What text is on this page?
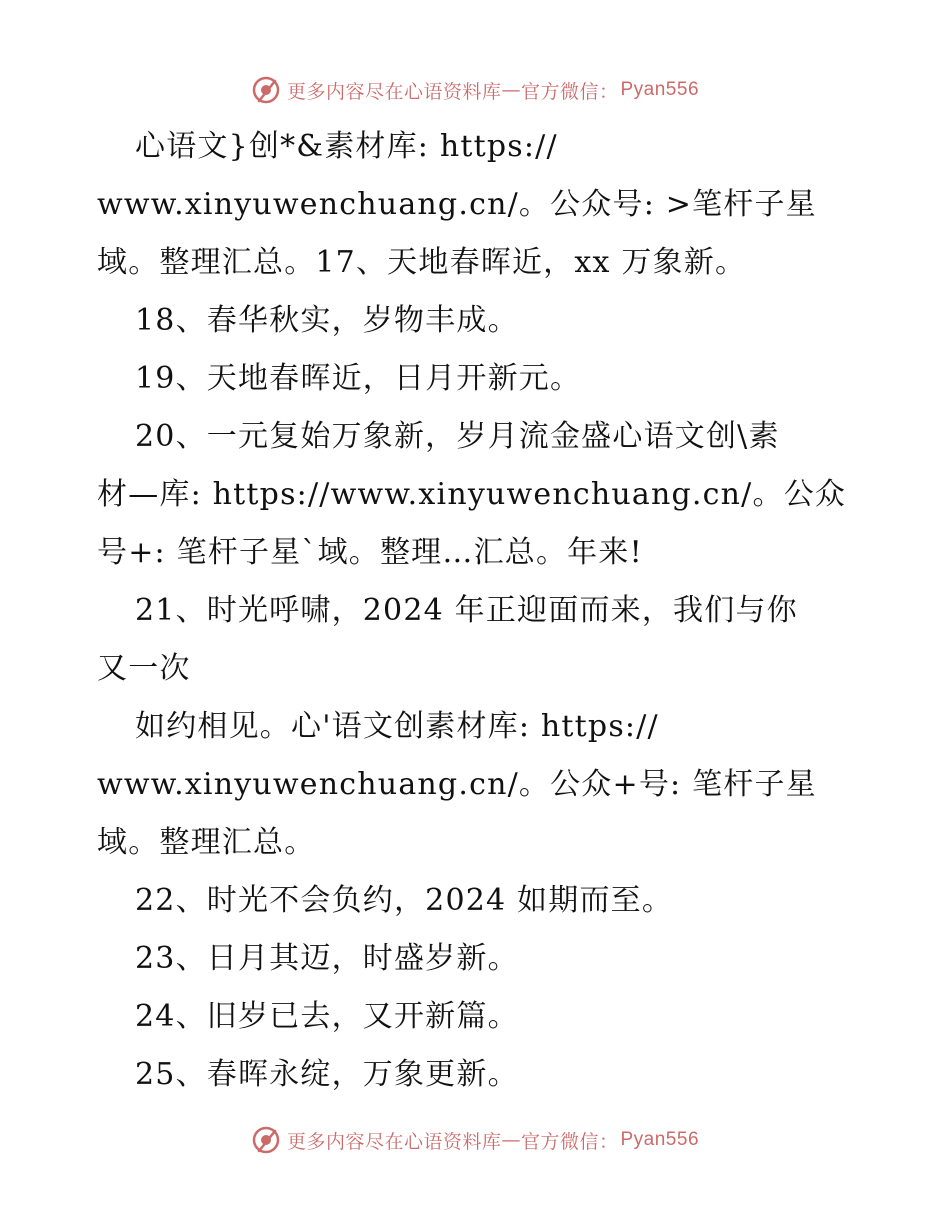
更多内容尽在心语资料库 — 官方微信： Pyan556
心语文}创*&素材库: https://
www.xinyuwenchuang.cn/。公众号: >笔杆子星
域。整理汇总。17、天地春晖近，xx 万象新。
18、春华秋实，岁物丰成。
19、天地春晖近，日月开新元。
20、一元复始万象新，岁月流金盛心语文创\素
材—库: https://www.xinyuwenchuang.cn/。公众
号+: 笔杆子星`域。整理…汇总。年来!
21、时光呼啸，2024 年正迎面而来，我们与你
又一次
如约相见。心'语文创素材库: https://
www.xinyuwenchuang.cn/。公众+号: 笔杆子星
域。整理汇总。
22、时光不会负约，2024 如期而至。
23、日月其迈，时盛岁新。
24、旧岁已去，又开新篇。
25、春晖永绽，万象更新。
更多内容尽在心语资料库 — 官方微信： Pyan556
